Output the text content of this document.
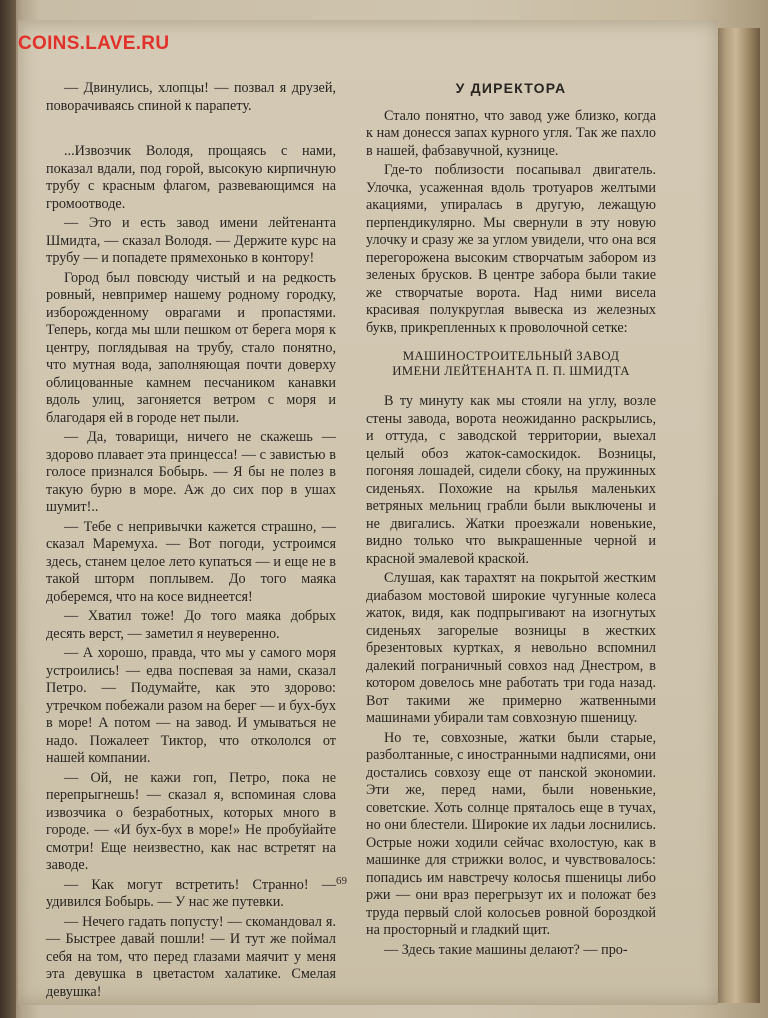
COINS.LAVE.RU

— Двинулись, хлопцы! — позвал я друзей, поворачиваясь спиной к парапету.

...Извозчик Володя, прощаясь с нами, показал вдали, под горой, высокую кирпичную трубу с красным флагом, развевающимся на громоотводе.

— Это и есть завод имени лейтенанта Шмидта, — сказал Володя. — Держите курс на трубу — и попадете прямехонько в контору!

Город был повсюду чистый и на редкость ровный, невпример нашему родному городку, изборожденному оврагами и пропастями. Теперь, когда мы шли пешком от берега моря к центру, поглядывая на трубу, стало понятно, что мутная вода, заполняющая почти доверху облицованные камнем песчаником канавки вдоль улиц, загоняется ветром с моря и благодаря ей в городе нет пыли.

— Да, товарищи, ничего не скажешь — здорово плавает эта принцесса! — с завистью в голосе признался Бобырь. — Я бы не полез в такую бурю в море. Аж до сих пор в ушах шумит!..

— Тебе с непривычки кажется страшно, — сказал Маремуха. — Вот погоди, устроимся здесь, станем целое лето купаться — и еще не в такой шторм поплывем. До того маяка доберемся, что на косе виднеется!

— Хватил тоже! До того маяка добрых десять верст, — заметил я неуверенно.

— А хорошо, правда, что мы у самого моря устроились! — едва поспевая за нами, сказал Петро. — Подумайте, как это здорово: утречком побежали разом на берег — и бух-бух в море! А потом — на завод. И умываться не надо. Пожалеет Тиктор, что откололся от нашей компании.

— Ой, не кажи гоп, Петро, пока не перепрыгнешь! — сказал я, вспоминая слова извозчика о безработных, которых много в городе. — «И бух-бух в море!» Не пробуйайте смотри! Еще неизвестно, как нас встретят на заводе.

— Как могут встретить! Странно! — удивился Бобырь. — У нас же путевки.

— Нечего гадать попусту! — скомандовал я. — Быстрее давай пошли! — И тут же поймал себя на том, что перед глазами маячит у меня эта девушка в цветастом халатике. Смелая девушка!

У ДИРЕКТОРА

Стало понятно, что завод уже близко, когда к нам донесся запах курного угля. Так же пахло в нашей, фабзавучной, кузнице.

Где-то поблизости посапывал двигатель. Улочка, усаженная вдоль тротуаров желтыми акациями, упиралась в другую, лежащую перпендикулярно. Мы свернули в эту новую улочку и сразу же за углом увидели, что она вся перегорожена высоким створчатым забором из зеленых брусков. В центре забора были такие же створчатые ворота. Над ними висела красивая полукруглая вывеска из железных букв, прикрепленных к проволочной сетке:

МАШИНОСТРОИТЕЛЬНЫЙ ЗАВОД
ИМЕНИ ЛЕЙТЕНАНТА П. П. ШМИДТА

В ту минуту как мы стояли на углу, возле стены завода, ворота неожиданно раскрылись, и оттуда, с заводской территории, выехал целый обоз жаток-самоскидок. Возницы, погоняя лошадей, сидели сбоку, на пружинных сиденьях. Похожие на крылья маленьких ветряных мельниц грабли были выключены и не двигались. Жатки проезжали новенькие, видно только что выкрашенные черной и красной эмалевой краской.

Слушая, как тарахтят на покрытой жестким диабазом мостовой широкие чугунные колеса жаток, видя, как подпрыгивают на изогнутых сиденьях загорелые возницы в жестких брезентовых куртках, я невольно вспомнил далекий пограничный совхоз над Днестром, в котором довелось мне работать три года назад. Вот такими же примерно жатвенными машинами убирали там совхозную пшеницу.

Но те, совхозные, жатки были старые, разболтанные, с иностранными надписями, они достались совхозу еще от панской экономии. Эти же, перед нами, были новенькие, советские. Хоть солнце пряталось еще в тучах, но они блестели. Широкие их ладьи лоснились. Острые ножи ходили сейчас вхолостую, как в машинке для стрижки волос, и чувствовалось: попадись им навстречу колосья пшеницы либо ржи — они враз перегрызут их и положат без труда первый слой колосьев ровной бороздкой на просторный и гладкий щит.

— Здесь такие машины делают? — про-

69
